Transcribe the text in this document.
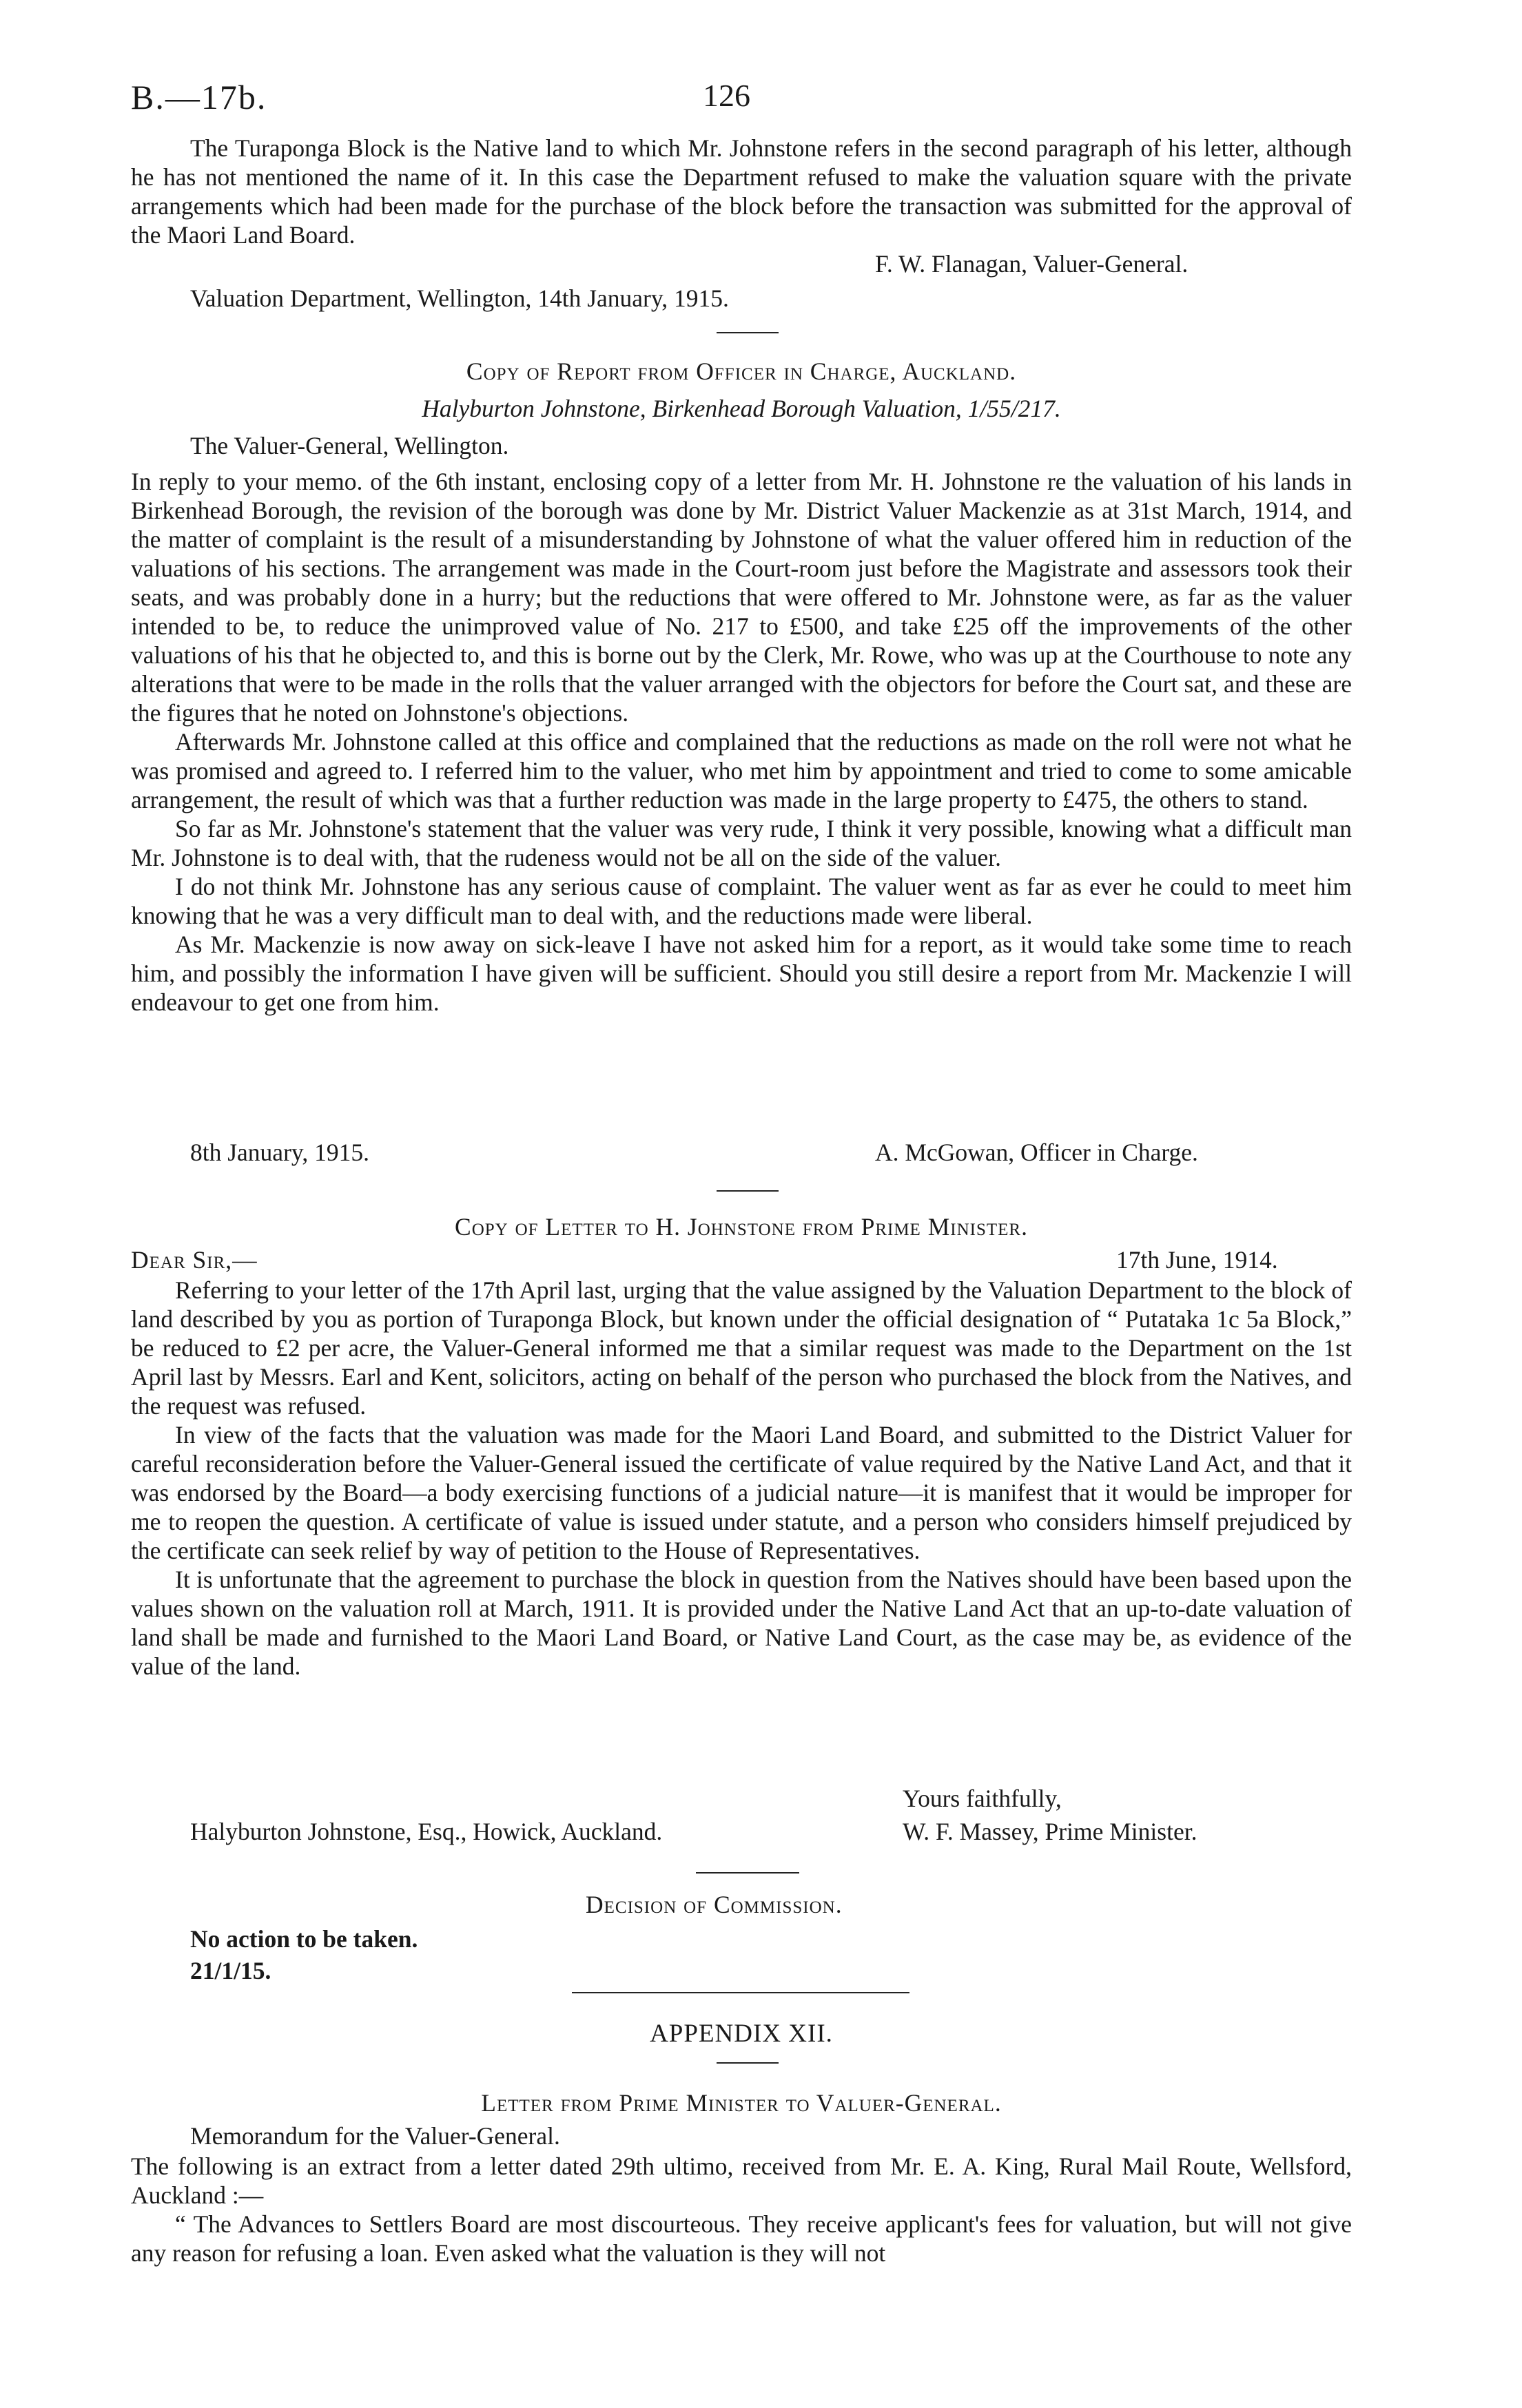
B.—17b.	126

The Turaponga Block is the Native land to which Mr. Johnstone refers in the second paragraph of his letter, although he has not mentioned the name of it. In this case the Department refused to make the valuation square with the private arrangements which had been made for the purchase of the block before the transaction was submitted for the approval of the Maori Land Board.

F. W. Flanagan, Valuer-General.
Valuation Department, Wellington, 14th January, 1915.
Copy of Report from Officer in Charge, Auckland.
Halyburton Johnstone, Birkenhead Borough Valuation, 1/55/217.
The Valuer-General, Wellington.

In reply to your memo. of the 6th instant, enclosing copy of a letter from Mr. H. Johnstone re the valuation of his lands in Birkenhead Borough, the revision of the borough was done by Mr. District Valuer Mackenzie as at 31st March, 1914, and the matter of complaint is the result of a misunderstanding by Johnstone of what the valuer offered him in reduction of the valuations of his sections. The arrangement was made in the Court-room just before the Magistrate and assessors took their seats, and was probably done in a hurry; but the reductions that were offered to Mr. Johnstone were, as far as the valuer intended to be, to reduce the unimproved value of No. 217 to £500, and take £25 off the improvements of the other valuations of his that he objected to, and this is borne out by the Clerk, Mr. Rowe, who was up at the Courthouse to note any alterations that were to be made in the rolls that the valuer arranged with the objectors for before the Court sat, and these are the figures that he noted on Johnstone's objections.

Afterwards Mr. Johnstone called at this office and complained that the reductions as made on the roll were not what he was promised and agreed to. I referred him to the valuer, who met him by appointment and tried to come to some amicable arrangement, the result of which was that a further reduction was made in the large property to £475, the others to stand.

So far as Mr. Johnstone's statement that the valuer was very rude, I think it very possible, knowing what a difficult man Mr. Johnstone is to deal with, that the rudeness would not be all on the side of the valuer.

I do not think Mr. Johnstone has any serious cause of complaint. The valuer went as far as ever he could to meet him knowing that he was a very difficult man to deal with, and the reductions made were liberal.

As Mr. Mackenzie is now away on sick-leave I have not asked him for a report, as it would take some time to reach him, and possibly the information I have given will be sufficient. Should you still desire a report from Mr. Mackenzie I will endeavour to get one from him.

8th January, 1915.	A. McGowan, Officer in Charge.
Copy of Letter to H. Johnstone from Prime Minister.
Dear Sir,—	17th June, 1914.

Referring to your letter of the 17th April last, urging that the value assigned by the Valuation Department to the block of land described by you as portion of Turaponga Block, but known under the official designation of “ Putataka 1c 5a Block,” be reduced to £2 per acre, the Valuer-General informed me that a similar request was made to the Department on the 1st April last by Messrs. Earl and Kent, solicitors, acting on behalf of the person who purchased the block from the Natives, and the request was refused.

In view of the facts that the valuation was made for the Maori Land Board, and submitted to the District Valuer for careful reconsideration before the Valuer-General issued the certificate of value required by the Native Land Act, and that it was endorsed by the Board—a body exercising functions of a judicial nature—it is manifest that it would be improper for me to reopen the question. A certificate of value is issued under statute, and a person who considers himself prejudiced by the certificate can seek relief by way of petition to the House of Representatives.

It is unfortunate that the agreement to purchase the block in question from the Natives should have been based upon the values shown on the valuation roll at March, 1911. It is provided under the Native Land Act that an up-to-date valuation of land shall be made and furnished to the Maori Land Board, or Native Land Court, as the case may be, as evidence of the value of the land.

Yours faithfully,
Halyburton Johnstone, Esq., Howick, Auckland.	W. F. Massey, Prime Minister.
Decision of Commission.
No action to be taken.
21/1/15.
APPENDIX XII.
Letter from Prime Minister to Valuer-General.
Memorandum for the Valuer-General.

The following is an extract from a letter dated 29th ultimo, received from Mr. E. A. King, Rural Mail Route, Wellsford, Auckland :—

“ The Advances to Settlers Board are most discourteous. They receive applicant's fees for valuation, but will not give any reason for refusing a loan. Even asked what the valuation is they will not
